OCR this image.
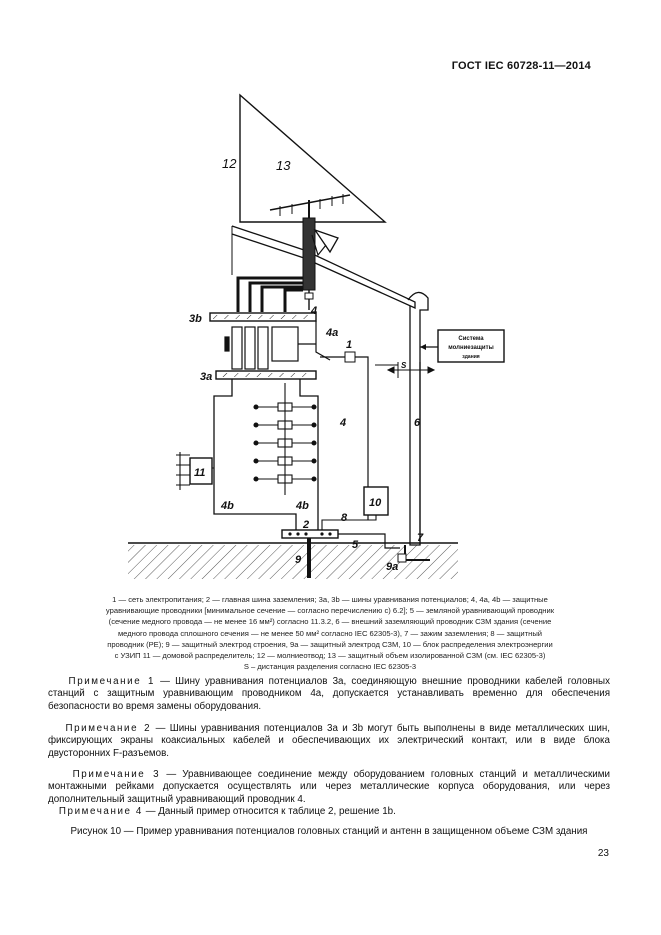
ГОСТ IEC 60728-11—2014
12	13
3b
3a
4a
4
4
1
11
4b	4b	10
8
2
5
9
9a
7
6
S
Система
молниезащиты
здания
1 — сеть электропитания; 2 — главная шина заземления; 3a, 3b — шины уравнивания потенциалов; 4, 4a, 4b — защитные
уравнивающие проводники [минимальное сечение — согласно перечислению c) 6.2]; 5 — земляной уравнивающий проводник
(сечение медного провода — не менее 16 мм²) согласно 11.3.2, 6 — внешний заземляющий проводник СЗМ здания (сечение
медного провода сплошного сечения — не менее 50 мм² согласно IEC 62305-3), 7 — зажим заземления; 8 — защитный
проводник (PE); 9 — защитный электрод строения, 9a — защитный электрод СЗМ, 10 — блок распределения электроэнергии
с УЗИП 11 — домовой распределитель; 12 — молниеотвод; 13 — защитный объем изолированной СЗМ (см. IEC 62305-3)
S – дистанция разделения согласно IEC 62305-3
Примечание 1 — Шину уравнивания потенциалов 3a, соединяющую внешние проводники кабелей головных станций с защитным уравнивающим проводником 4a, допускается устанавливать временно для обеспечения безопасности во время замены оборудования.
Примечание 2 — Шины уравнивания потенциалов 3a и 3b могут быть выполнены в виде металлических шин, фиксирующих экраны коаксиальных кабелей и обеспечивающих их электрический контакт, или в виде блока двусторонних F-разъемов.
Примечание 3 — Уравнивающее соединение между оборудованием головных станций и металлическими монтажными рейками допускается осуществлять или через металлические корпуса оборудования, или через дополнительный защитный уравнивающий проводник 4.
Примечание 4 — Данный пример относится к таблице 2, решение 1b.
Рисунок 10 — Пример уравнивания потенциалов головных станций и антенн в защищенном объеме СЗМ здания
23
